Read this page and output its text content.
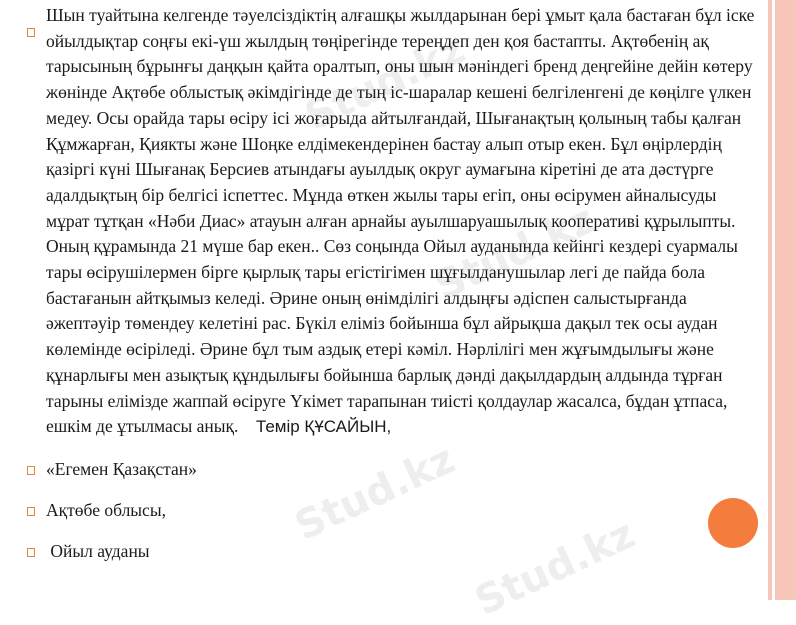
Stud.kz
Stud.kz
Stud.kz
Stud.kz

Шын туайтына келгенде тәуелсіздіктің алғашқы жылдарынан бері ұмыт қала бастаған бұл іске ойылдықтар соңғы екі-үш жылдың төңірегінде тереңдеп ден қоя бастапты. Ақтөбенің ақ тарысының бұрынғы даңқын қайта оралтып, оны шын мәніндегі бренд деңгейіне дейін көтеру жөнінде Ақтөбе облыстық әкімдігінде де тың іс-шаралар кешені белгіленгені де көңілге үлкен медеу. Осы орайда тары өсіру ісі жоғарыда айтылғандай, Шығанақтың қолының табы қалған Құмжарған, Қиякты және Шоңке елдімекендерінен бастау алып отыр екен. Бұл өңірлердің қазіргі күні Шығанақ Берсиев атындағы ауылдық округ аумағына кіретіні де ата дәстүрге адалдықтың бір белгісі іспеттес. Мұнда өткен жылы тары егіп, оны өсірумен айналысуды мұрат тұтқан «Нәби Диас» атауын алған арнайы ауылшаруашылық кооперативі құрылыпты. Оның құрамында 21 мүше бар екен.. Сөз соңында Ойыл ауданында кейінгі кездері суармалы тары өсірушілермен бірге қырлық тары егістігімен шұғылданушылар легі де пайда бола бастағанын айтқымыз келеді. Әрине оның өнімділігі алдыңғы әдіспен салыстырғанда әжептәуір төмендеу келетіні рас. Бүкіл еліміз бойынша бұл айрықша дақыл тек осы аудан көлемінде өсіріледі. Әрине бұл тым аздық етері кәміл. Нәрлілігі мен жұғымдылығы және құнарлығы мен азықтық құндылығы бойынша барлық дәнді дақылдардың алдында тұрған тарыны елімізде жаппай өсіруге Үкімет тарапынан тиісті қолдаулар жасалса, бұдан ұтпаса, ешкім де ұтылмасы анық. Темір ҚҰСАЙЫН,

«Егемен Қазақстан»
Ақтөбе облысы,
Ойыл ауданы
